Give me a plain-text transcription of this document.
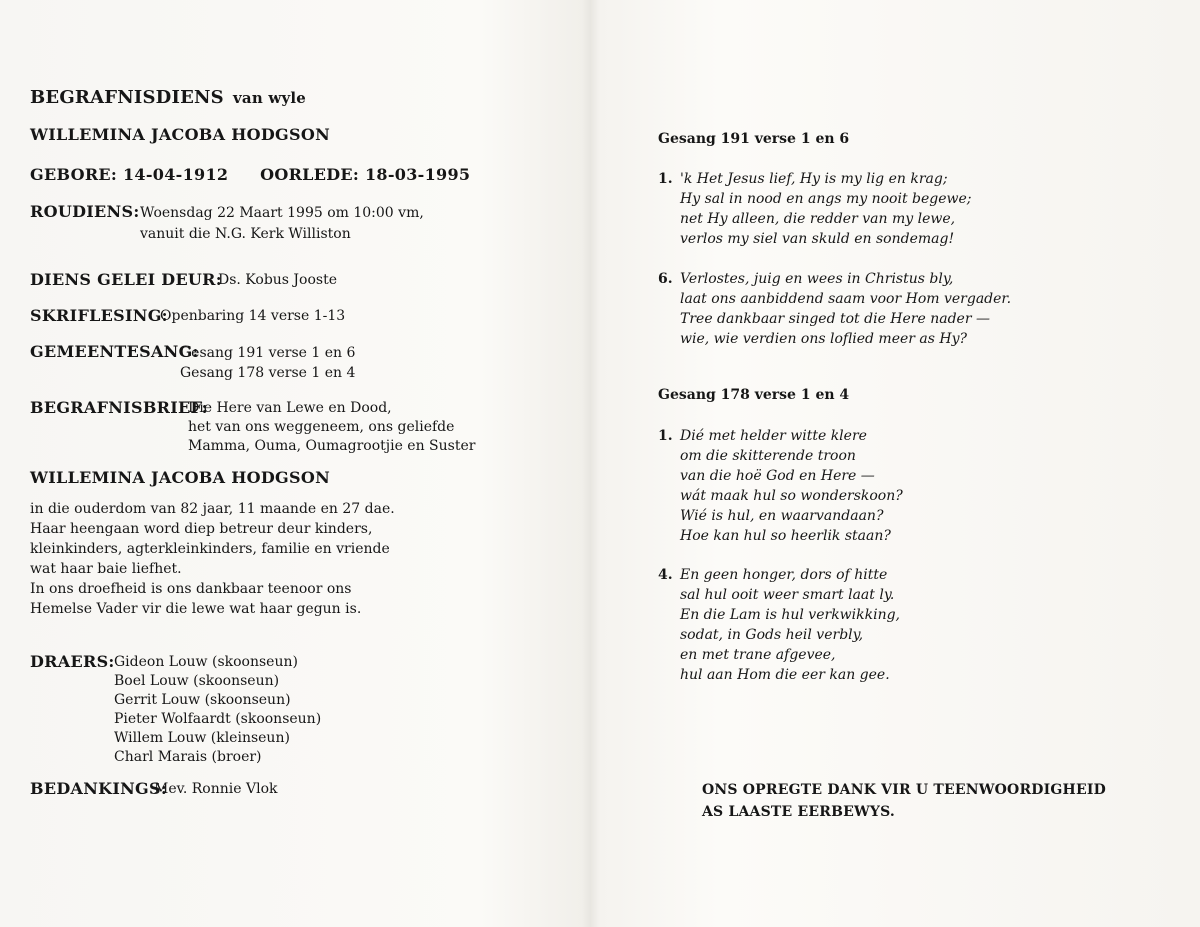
BEGRAFNISDIENS van wyle
WILLEMINA JACOBA HODGSON
GEBORE: 14-04-1912 OORLEDE: 18-03-1995
ROUDIENS: Woensdag 22 Maart 1995 om 10:00 vm,
vanuit die N.G. Kerk Williston
DIENS GELEI DEUR:
Ds. Kobus Jooste
SKRIFLESING:
Openbaring 14 verse 1-13
GEMEENTESANG:
Gesang 191 verse 1 en 6
Gesang 178 verse 1 en 4
BEGRAFNISBRIEF:
Die Here van Lewe en Dood,
het van ons weggeneem, ons geliefde
Mamma, Ouma, Oumagrootjie en Suster
WILLEMINA JACOBA HODGSON
in die ouderdom van 82 jaar, 11 maande en 27 dae.
Haar heengaan word diep betreur deur kinders,
kleinkinders, agterkleinkinders, familie en vriende
wat haar baie liefhet.
In ons droefheid is ons dankbaar teenoor ons
Hemelse Vader vir die lewe wat haar gegun is.
DRAERS: Gideon Louw (skoonseun)
Boel Louw (skoonseun)
Gerrit Louw (skoonseun)
Pieter Wolfaardt (skoonseun)
Willem Louw (kleinseun)
Charl Marais (broer)
BEDANKINGS:
Mev. Ronnie Vlok
Gesang 191 verse 1 en 6
1. 'k Het Jesus lief, Hy is my lig en krag;
Hy sal in nood en angs my nooit begewe;
net Hy alleen, die redder van my lewe,
verlos my siel van skuld en sondemag!
6. Verlostes, juig en wees in Christus bly,
laat ons aanbiddend saam voor Hom vergader.
Tree dankbaar singed tot die Here nader —
wie, wie verdien ons loflied meer as Hy?
Gesang 178 verse 1 en 4
1. Dié met helder witte klere
om die skitterende troon
van die hoë God en Here —
wát maak hul so wonderskoon?
Wié is hul, en waarvandaan?
Hoe kan hul so heerlik staan?
4. En geen honger, dors of hitte
sal hul ooit weer smart laat ly.
En die Lam is hul verkwikking,
sodat, in Gods heil verbly,
en met trane afgevee,
hul aan Hom die eer kan gee.
ONS OPREGTE DANK VIR U TEENWOORDIGHEID
AS LAASTE EERBEWYS.
